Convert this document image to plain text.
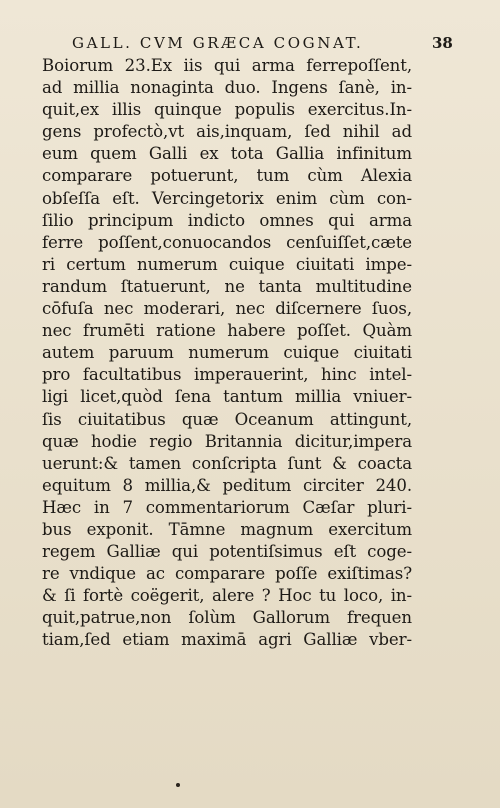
GALL. CVM GRÆCA COGNAT.	38
Boiorum 23.Ex iis qui arma ferrepoſſent,
ad millia nonaginta duo. Ingens ſanè, in-
quit,ex illis quinque populis exercitus.In-
gens profectò,vt ais,inquam, ſed nihil ad
eum quem Galli ex tota Gallia infinitum
comparare potuerunt, tum cùm Alexia
obſeſſa eſt. Vercingetorix enim cùm con-
ſilio principum indicto omnes qui arma
ferre poſſent,conuocandos cenſuiſſet,cæte
ri certum numerum cuique ciuitati impe-
randum ſtatuerunt, ne tanta multitudine
cōfuſa nec moderari, nec diſcernere ſuos,
nec frumēti ratione habere poſſet. Quàm
autem paruum numerum cuique ciuitati
pro facultatibus imperauerint, hinc intel-
ligi licet,quòd ſena tantum millia vniuer-
ſis ciuitatibus quæ Oceanum attingunt,
quæ hodie regio Britannia dicitur,impera
uerunt:& tamen conſcripta ſunt & coacta
equitum 8 millia,& peditum circiter 240.
Hæc in 7 commentariorum Cæſar pluri-
bus exponit. Tāmne magnum exercitum
regem Galliæ qui potentiſsimus eſt coge-
re vndique ac comparare poſſe exiſtimas?
& ſi fortè coëgerit, alere ? Hoc tu loco, in-
quit,patrue,non ſolùm Gallorum frequen
tiam,ſed etiam maximā agri Galliæ vber-
